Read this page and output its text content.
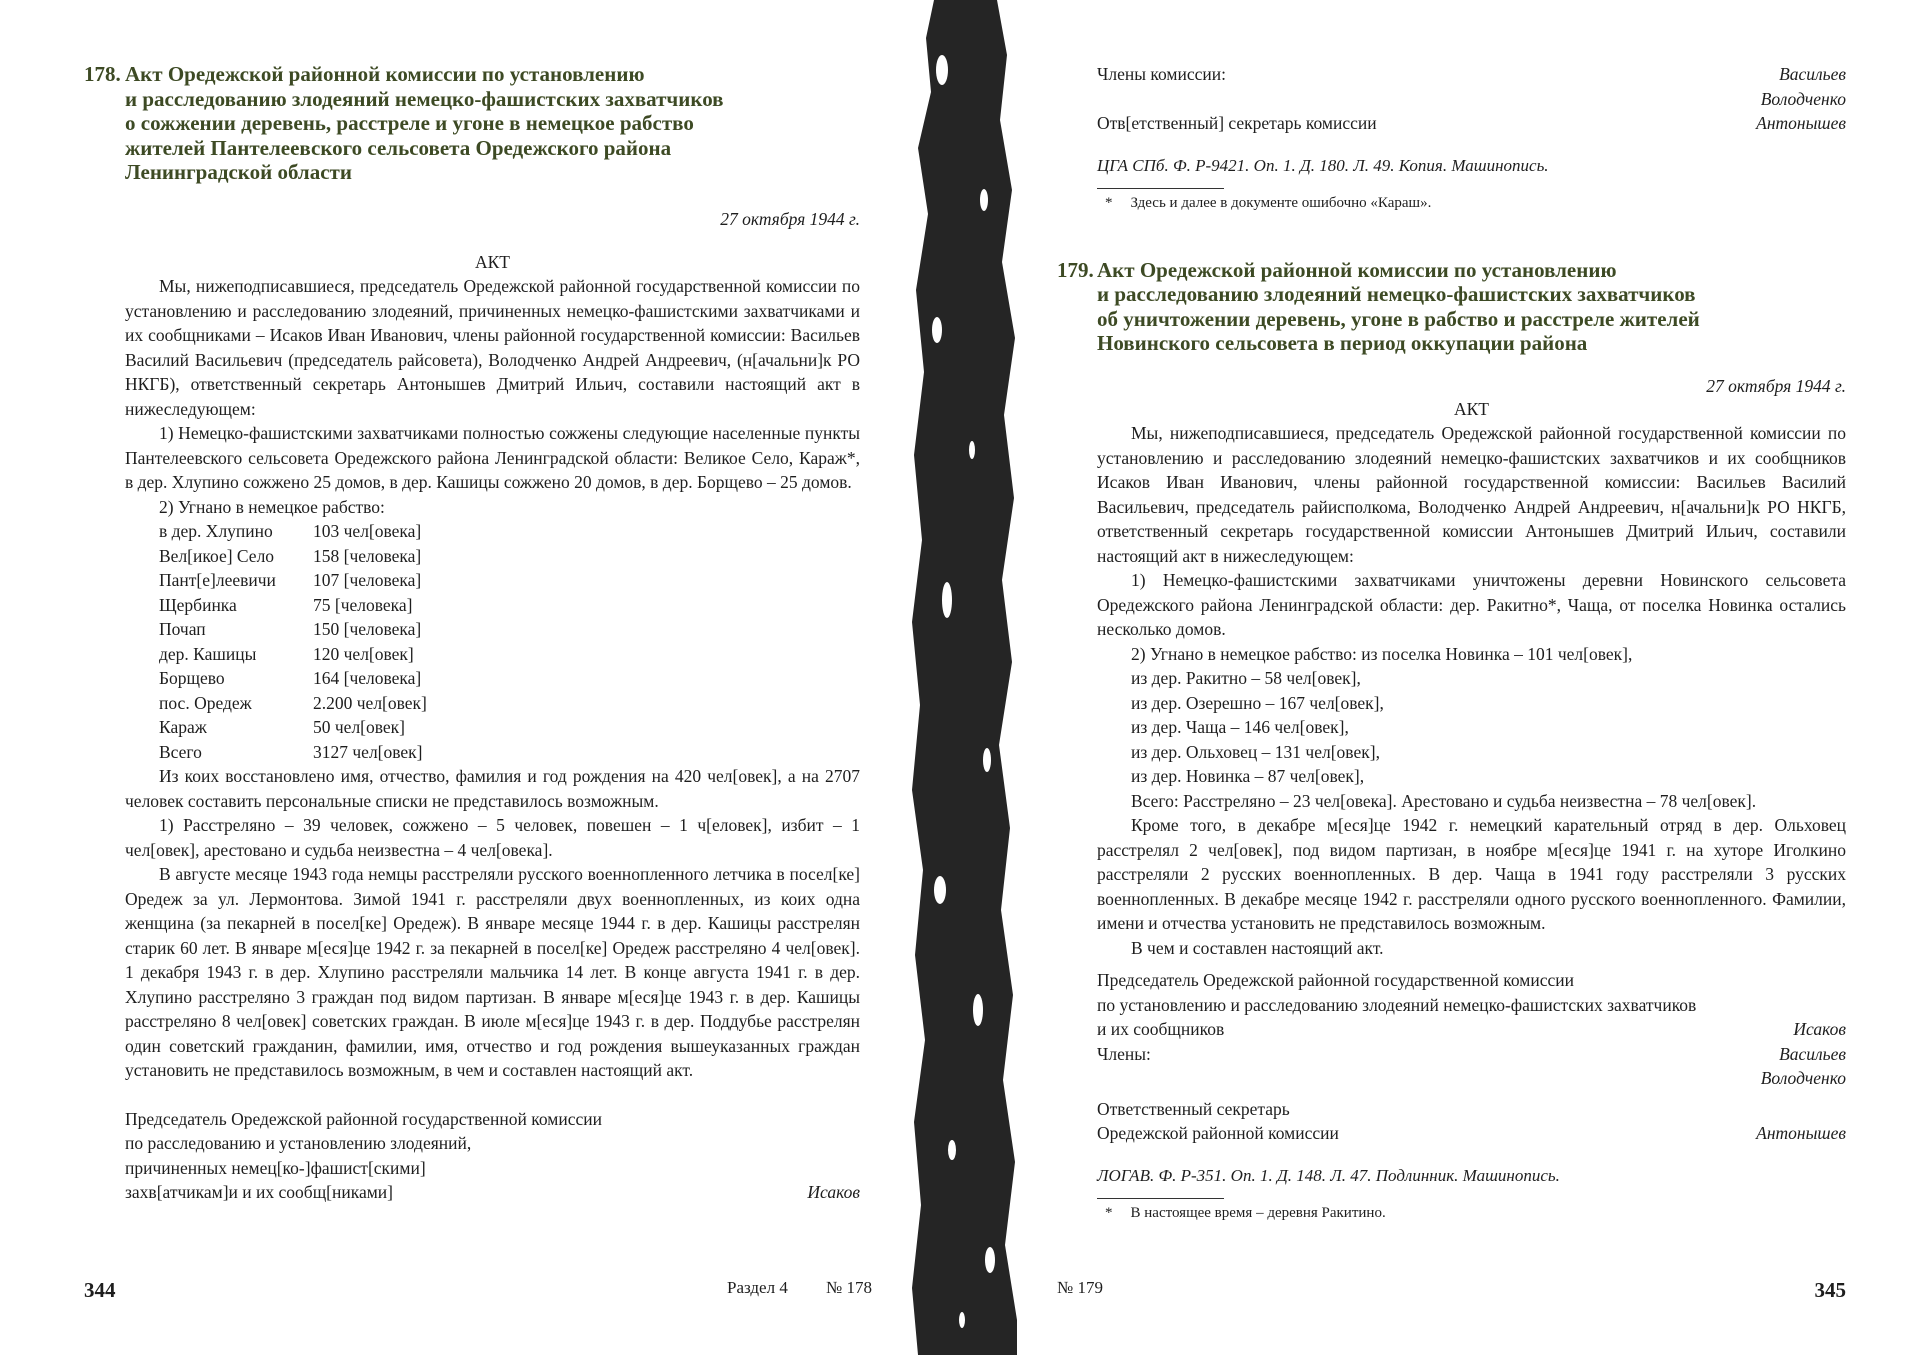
178. Акт Оредежской районной комиссии по установлению
и расследованию злодеяний немецко-фашистских захватчиков
о сожжении деревень, расстреле и угоне в немецкое рабство
жителей Пантелеевского сельсовета Оредежского района
Ленинградской области
27 октября 1944 г.
АКТ

Мы, нижеподписавшиеся, председатель Оредежской районной государственной комиссии по установлению и расследованию злодеяний, причиненных немецко-фашистскими захватчиками и их сообщниками – Исаков Иван Иванович, члены районной государственной комиссии: Васильев Василий Васильевич (председатель райсовета), Володченко Андрей Андреевич, (н[ачальни]к РО НКГБ), ответственный секретарь Антонышев Дмитрий Ильич, составили настоящий акт в нижеследующем:

1) Немецко-фашистскими захватчиками полностью сожжены следующие населенные пункты Пантелеевского сельсовета Оредежского района Ленинградской области: Великое Село, Караж*, в дер. Хлупино сожжено 25 домов, в дер. Кашицы сожжено 20 домов, в дер. Борщево – 25 домов.

2) Угнано в немецкое рабство:

в дер. Хлупино	103 чел[овека]
Вел[икое] Село	158 [человека]
Пант[е]леевичи	107 [человека]
Щербинка	75 [человека]
Почап	150 [человека]
дер. Кашицы	120 чел[овек]
Борщево	164 [человека]
пос. Оредеж	2.200 чел[овек]
Караж	50 чел[овек]
Всего	3127 чел[овек]

Из коих восстановлено имя, отчество, фамилия и год рождения на 420 чел[овек], а на 2707 человек составить персональные списки не представилось возможным.

1) Расстреляно – 39 человек, сожжено – 5 человек, повешен – 1 ч[еловек], избит – 1 чел[овек], арестовано и судьба неизвестна – 4 чел[овека].

В августе месяце 1943 года немцы расстреляли русского военнопленного летчика в посел[ке] Оредеж за ул. Лермонтова. Зимой 1941 г. расстреляли двух военнопленных, из коих одна женщина (за пекарней в посел[ке] Оредеж). В январе месяце 1944 г. в дер. Кашицы расстрелян старик 60 лет. В январе м[еся]це 1942 г. за пекарней в посел[ке] Оредеж расстреляно 4 чел[овек]. 1 декабря 1943 г. в дер. Хлупино расстреляли мальчика 14 лет. В конце августа 1941 г. в дер. Хлупино расстреляно 3 граждан под видом партизан. В январе м[еся]це 1943 г. в дер. Кашицы расстреляно 8 чел[овек] советских граждан. В июле м[еся]це 1943 г. в дер. Поддубье расстрелян один советский гражданин, фамилии, имя, отчество и год рождения вышеуказанных граждан установить не представилось возможным, в чем и составлен настоящий акт.

Председатель Оредежской районной государственной комиссии
по расследованию и установлению злодеяний,
причиненных немец[ко-]фашист[скими]
захв[атчикам]и и их сообщ[никами]	Исаков
344	Раздел 4 № 178
Члены комиссии:	Васильев
Володченко
Отв[етственный] секретарь комиссии	Антонышев
ЦГА СПб. Ф. Р-9421. Оп. 1. Д. 180. Л. 49. Копия. Машинопись.
* Здесь и далее в документе ошибочно «Караш».
179. Акт Оредежской районной комиссии по установлению
и расследованию злодеяний немецко-фашистских захватчиков
об уничтожении деревень, угоне в рабство и расстреле жителей
Новинского сельсовета в период оккупации района
27 октября 1944 г.
АКТ

Мы, нижеподписавшиеся, председатель Оредежской районной государственной комиссии по установлению и расследованию злодеяний немецко-фашистских захватчиков и их сообщников Исаков Иван Иванович, члены районной государственной комиссии: Васильев Василий Васильевич, председатель райисполкома, Володченко Андрей Андреевич, н[ачальни]к РО НКГБ, ответственный секретарь государственной комиссии Антонышев Дмитрий Ильич, составили настоящий акт в нижеследующем:

1) Немецко-фашистскими захватчиками уничтожены деревни Новинского сельсовета Оредежского района Ленинградской области: дер. Ракитно*, Чаща, от поселка Новинка остались несколько домов.

2) Угнано в немецкое рабство: из поселка Новинка – 101 чел[овек],
из дер. Ракитно – 58 чел[овек],
из дер. Озерешно – 167 чел[овек],
из дер. Чаща – 146 чел[овек],
из дер. Ольховец – 131 чел[овек],
из дер. Новинка – 87 чел[овек],
Всего: Расстреляно – 23 чел[овека]. Арестовано и судьба неизвестна – 78 чел[овек].

Кроме того, в декабре м[еся]це 1942 г. немецкий карательный отряд в дер. Ольховец расстрелял 2 чел[овек], под видом партизан, в ноябре м[еся]це 1941 г. на хуторе Иголкино расстреляли 2 русских военнопленных. В дер. Чаща в 1941 году расстреляли 3 русских военнопленных. В декабре месяце 1942 г. расстреляли одного русского военнопленного. Фамилии, имени и отчества установить не представилось возможным.

В чем и составлен настоящий акт.

Председатель Оредежской районной государственной комиссии
по установлению и расследованию злодеяний немецко-фашистских захватчиков
и их сообщников	Исаков
Члены:	Васильев
Володченко
Ответственный секретарь
Оредежской районной комиссии	Антонышев
ЛОГАВ. Ф. Р-351. Оп. 1. Д. 148. Л. 47. Подлинник. Машинопись.
* В настоящее время – деревня Ракитино.
№ 179	345
